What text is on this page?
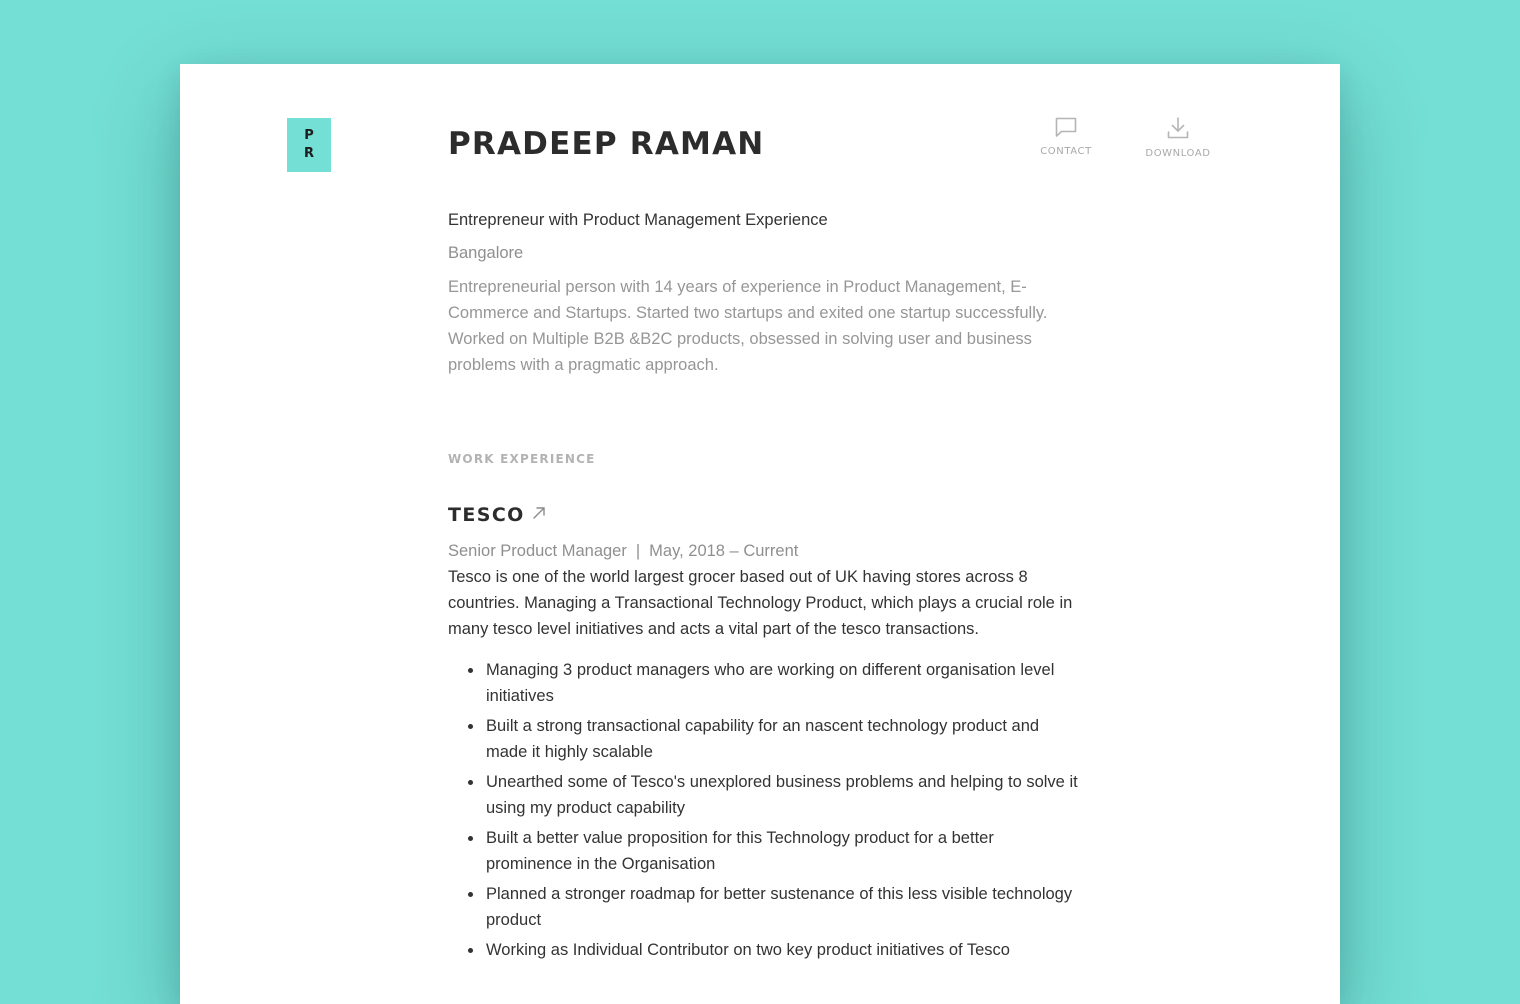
P
R	PRADEEP RAMAN	CONTACT	DOWNLOAD
Entrepreneur with Product Management Experience
Bangalore

Entrepreneurial person with 14 years of experience in Product Management, E-Commerce and Startups. Started two startups and exited one startup successfully. Worked on Multiple B2B &B2C products, obsessed in solving user and business problems with a pragmatic approach.

WORK EXPERIENCE
TESCO
Senior Product Manager | May, 2018 – Current

Tesco is one of the world largest grocer based out of UK having stores across 8 countries. Managing a Transactional Technology Product, which plays a crucial role in many tesco level initiatives and acts a vital part of the tesco transactions.

Managing 3 product managers who are working on different organisation level initiatives
Built a strong transactional capability for an nascent technology product and made it highly scalable
Unearthed some of Tesco's unexplored business problems and helping to solve it using my product capability
Built a better value proposition for this Technology product for a better prominence in the Organisation
Planned a stronger roadmap for better sustenance of this less visible technology product
Working as Individual Contributor on two key product initiatives of Tesco
